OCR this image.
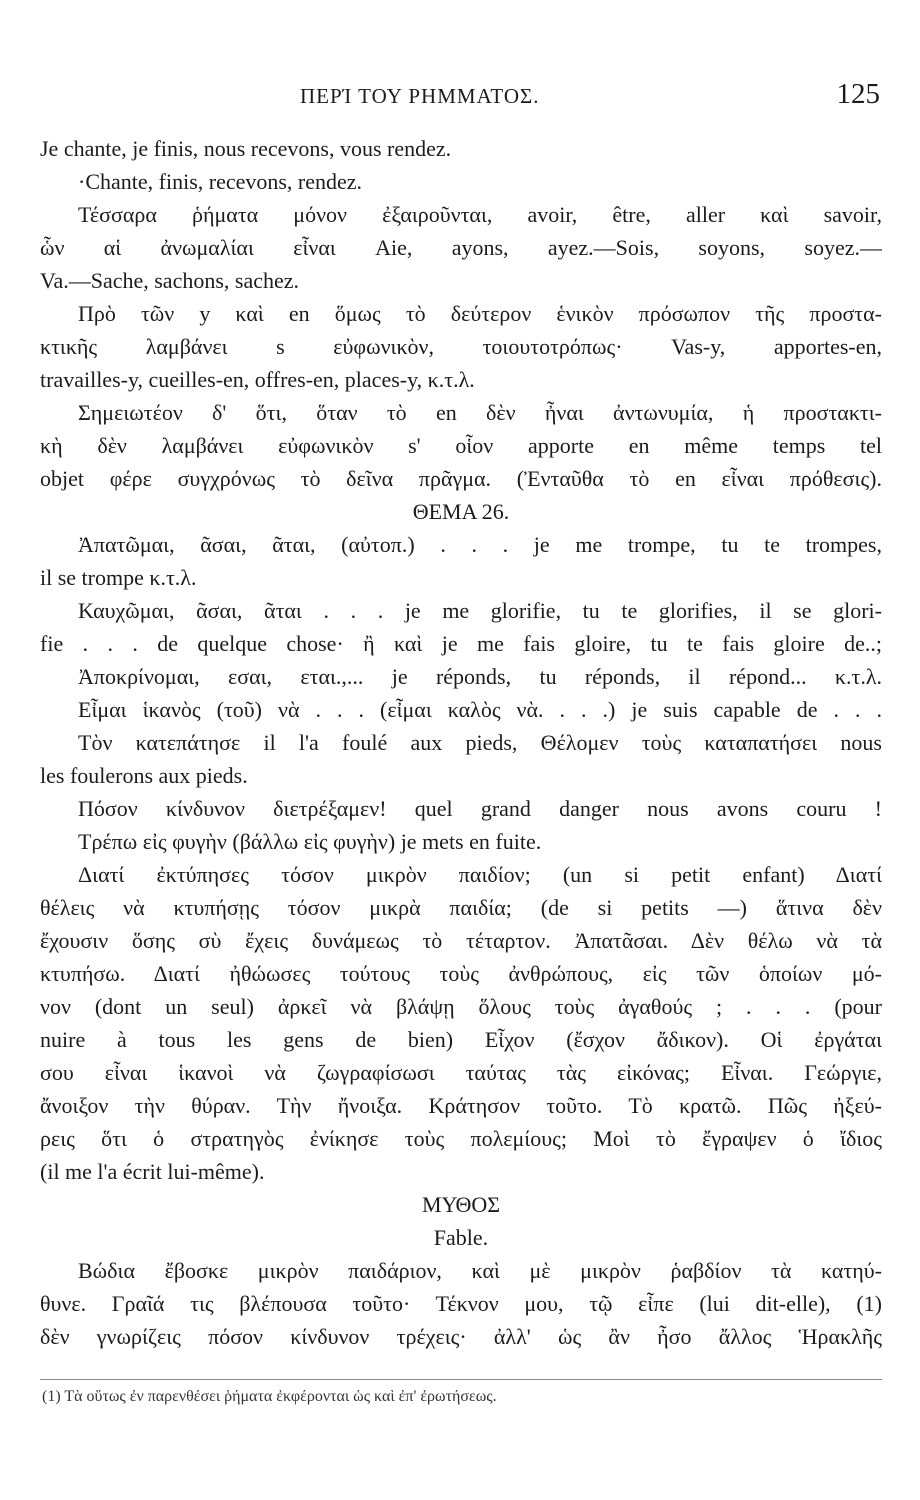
ΠΕΡΊ ΤΟΥ ΡΗΜΜΑΤΟΣ.	125
Je chante, je finis, nous recevons, vous rendez.
·Chante, finis, recevons, rendez.
Τέσσαρα ῥήματα μόνον ἐξαιροῦνται, avoir, être, aller καὶ savoir,
ὧν αἱ ἀνωμαλίαι εἶναι Aie, ayons, ayez.—Sois, soyons, soyez.—
Va.—Sache, sachons, sachez.
Πρὸ τῶν y καὶ en ὅμως τὸ δεύτερον ἑνικὸν πρόσωπον τῆς προστα-
κτικῆς λαμβάνει s εὐφωνικὸν, τοιουτοτρόπως· Vas-y, apportes-en,
travailles-y, cueilles-en, offres-en, places-y, κ.τ.λ.
Σημειωτέον δ' ὅτι, ὅταν τὸ en δὲν ἦναι ἀντωνυμία, ἡ προστακτι-
κὴ δὲν λαμβάνει εὐφωνικὸν s' οἷον apporte en même temps tel
objet φέρε συγχρόνως τὸ δεῖνα πρᾶγμα. (Ἐνταῦθα τὸ en εἶναι πρόθεσις).
ΘΕΜΑ 26.
Ἀπατῶμαι, ᾶσαι, ᾶται, (αὐτοπ.) . . . je me trompe, tu te trompes,
il se trompe κ.τ.λ.
Καυχῶμαι, ᾶσαι, ᾶται . . . je me glorifie, tu te glorifies, il se glori-
fie . . . de quelque chose· ἢ καὶ je me fais gloire, tu te fais gloire de..;
Ἀποκρίνομαι, εσαι, εται.,... je réponds, tu réponds, il répond... κ.τ.λ.
Εἶμαι ἱκανὸς (τοῦ) νὰ . . . (εἶμαι καλὸς νὰ. . . .) je suis capable de . . .
Τὸν κατεπάτησε il l'a foulé aux pieds, Θέλομεν τοὺς καταπατήσει nous
les foulerons aux pieds.
Πόσον κίνδυνον διετρέξαμεν! quel grand danger nous avons couru !
Τρέπω εἰς φυγὴν (βάλλω εἰς φυγὴν) je mets en fuite.
Διατί ἐκτύπησες τόσον μικρὸν παιδίον; (un si petit enfant) Διατί
θέλεις νὰ κτυπήσῃς τόσον μικρὰ παιδία; (de si petits —) ἅτινα δὲν
ἔχουσιν ὅσης σὺ ἔχεις δυνάμεως τὸ τέταρτον. Ἀπατᾶσαι. Δὲν θέλω νὰ τὰ
κτυπήσω. Διατί ἠθώωσες τούτους τοὺς ἀνθρώπους, εἰς τῶν ὁποίων μό-
νον (dont un seul) ἀρκεῖ νὰ βλάψῃ ὅλους τοὺς ἀγαθούς ; . . . (pour
nuire à tous les gens de bien) Εἶχον (ἔσχον ἄδικον). Οἱ ἐργάται
σου εἶναι ἱκανοὶ νὰ ζωγραφίσωσι ταύτας τὰς εἰκόνας; Εἶναι. Γεώργιε,
ἄνοιξον τὴν θύραν. Τὴν ἤνοιξα. Κράτησον τοῦτο. Τὸ κρατῶ. Πῶς ἠξεύ-
ρεις ὅτι ὁ στρατηγὸς ἐνίκησε τοὺς πολεμίους; Μοὶ τὸ ἔγραψεν ὁ ἴδιος
(il me l'a écrit lui-même).
ΜΥΘΟΣ
Fable.
Βώδια ἔβοσκε μικρὸν παιδάριον, καὶ μὲ μικρὸν ῥαβδίον τὰ κατηύ-
θυνε. Γραῖά τις βλέπουσα τοῦτο· Τέκνον μου, τῷ εἶπε (lui dit-elle), (1)
δὲν γνωρίζεις πόσον κίνδυνον τρέχεις· ἀλλ' ὡς ἂν ἦσο ἄλλος Ἡρακλῆς

(1) Τὰ οὕτως ἐν παρενθέσει ῥήματα ἐκφέρονται ὡς καὶ ἐπ' ἐρωτήσεως.
